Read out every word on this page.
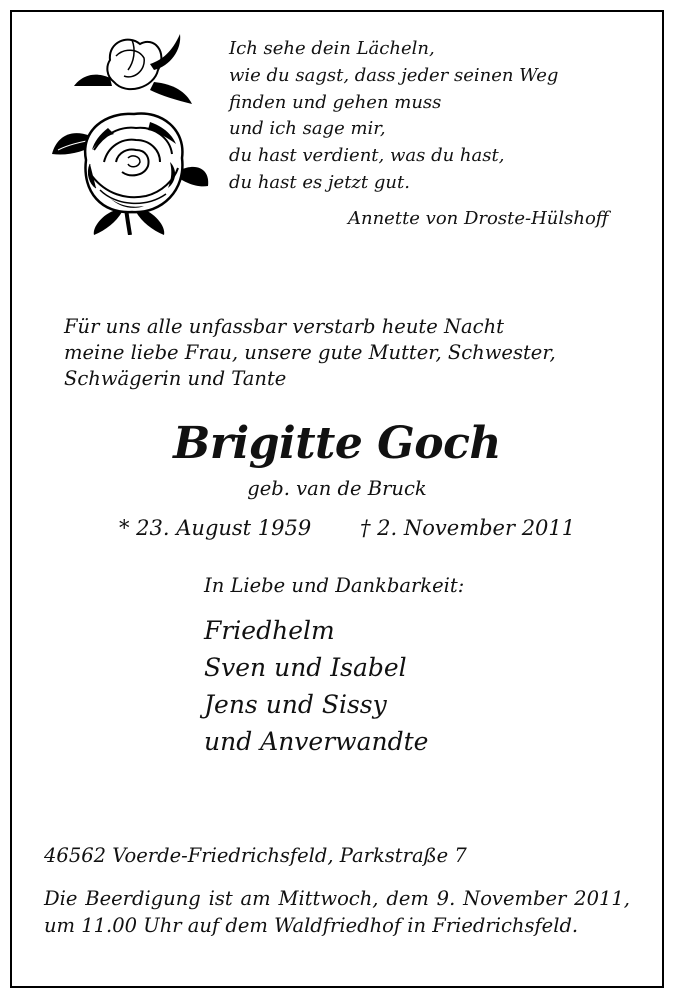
Ich sehe dein Lächeln,
wie du sagst, dass jeder seinen Weg
finden und gehen muss
und ich sage mir,
du hast verdient, was du hast,
du hast es jetzt gut.
Annette von Droste-Hülshoff
Für uns alle unfassbar verstarb heute Nacht
meine liebe Frau, unsere gute Mutter, Schwester,
Schwägerin und Tante
Brigitte Goch
geb. van de Bruck
* 23. August 1959 † 2. November 2011
In Liebe und Dankbarkeit:
Friedhelm
Sven und Isabel
Jens und Sissy
und Anverwandte
46562 Voerde-Friedrichsfeld, Parkstraße 7
Die Beerdigung ist am Mittwoch, dem 9. November 2011, um 11.00 Uhr auf dem Waldfriedhof in Friedrichsfeld.
